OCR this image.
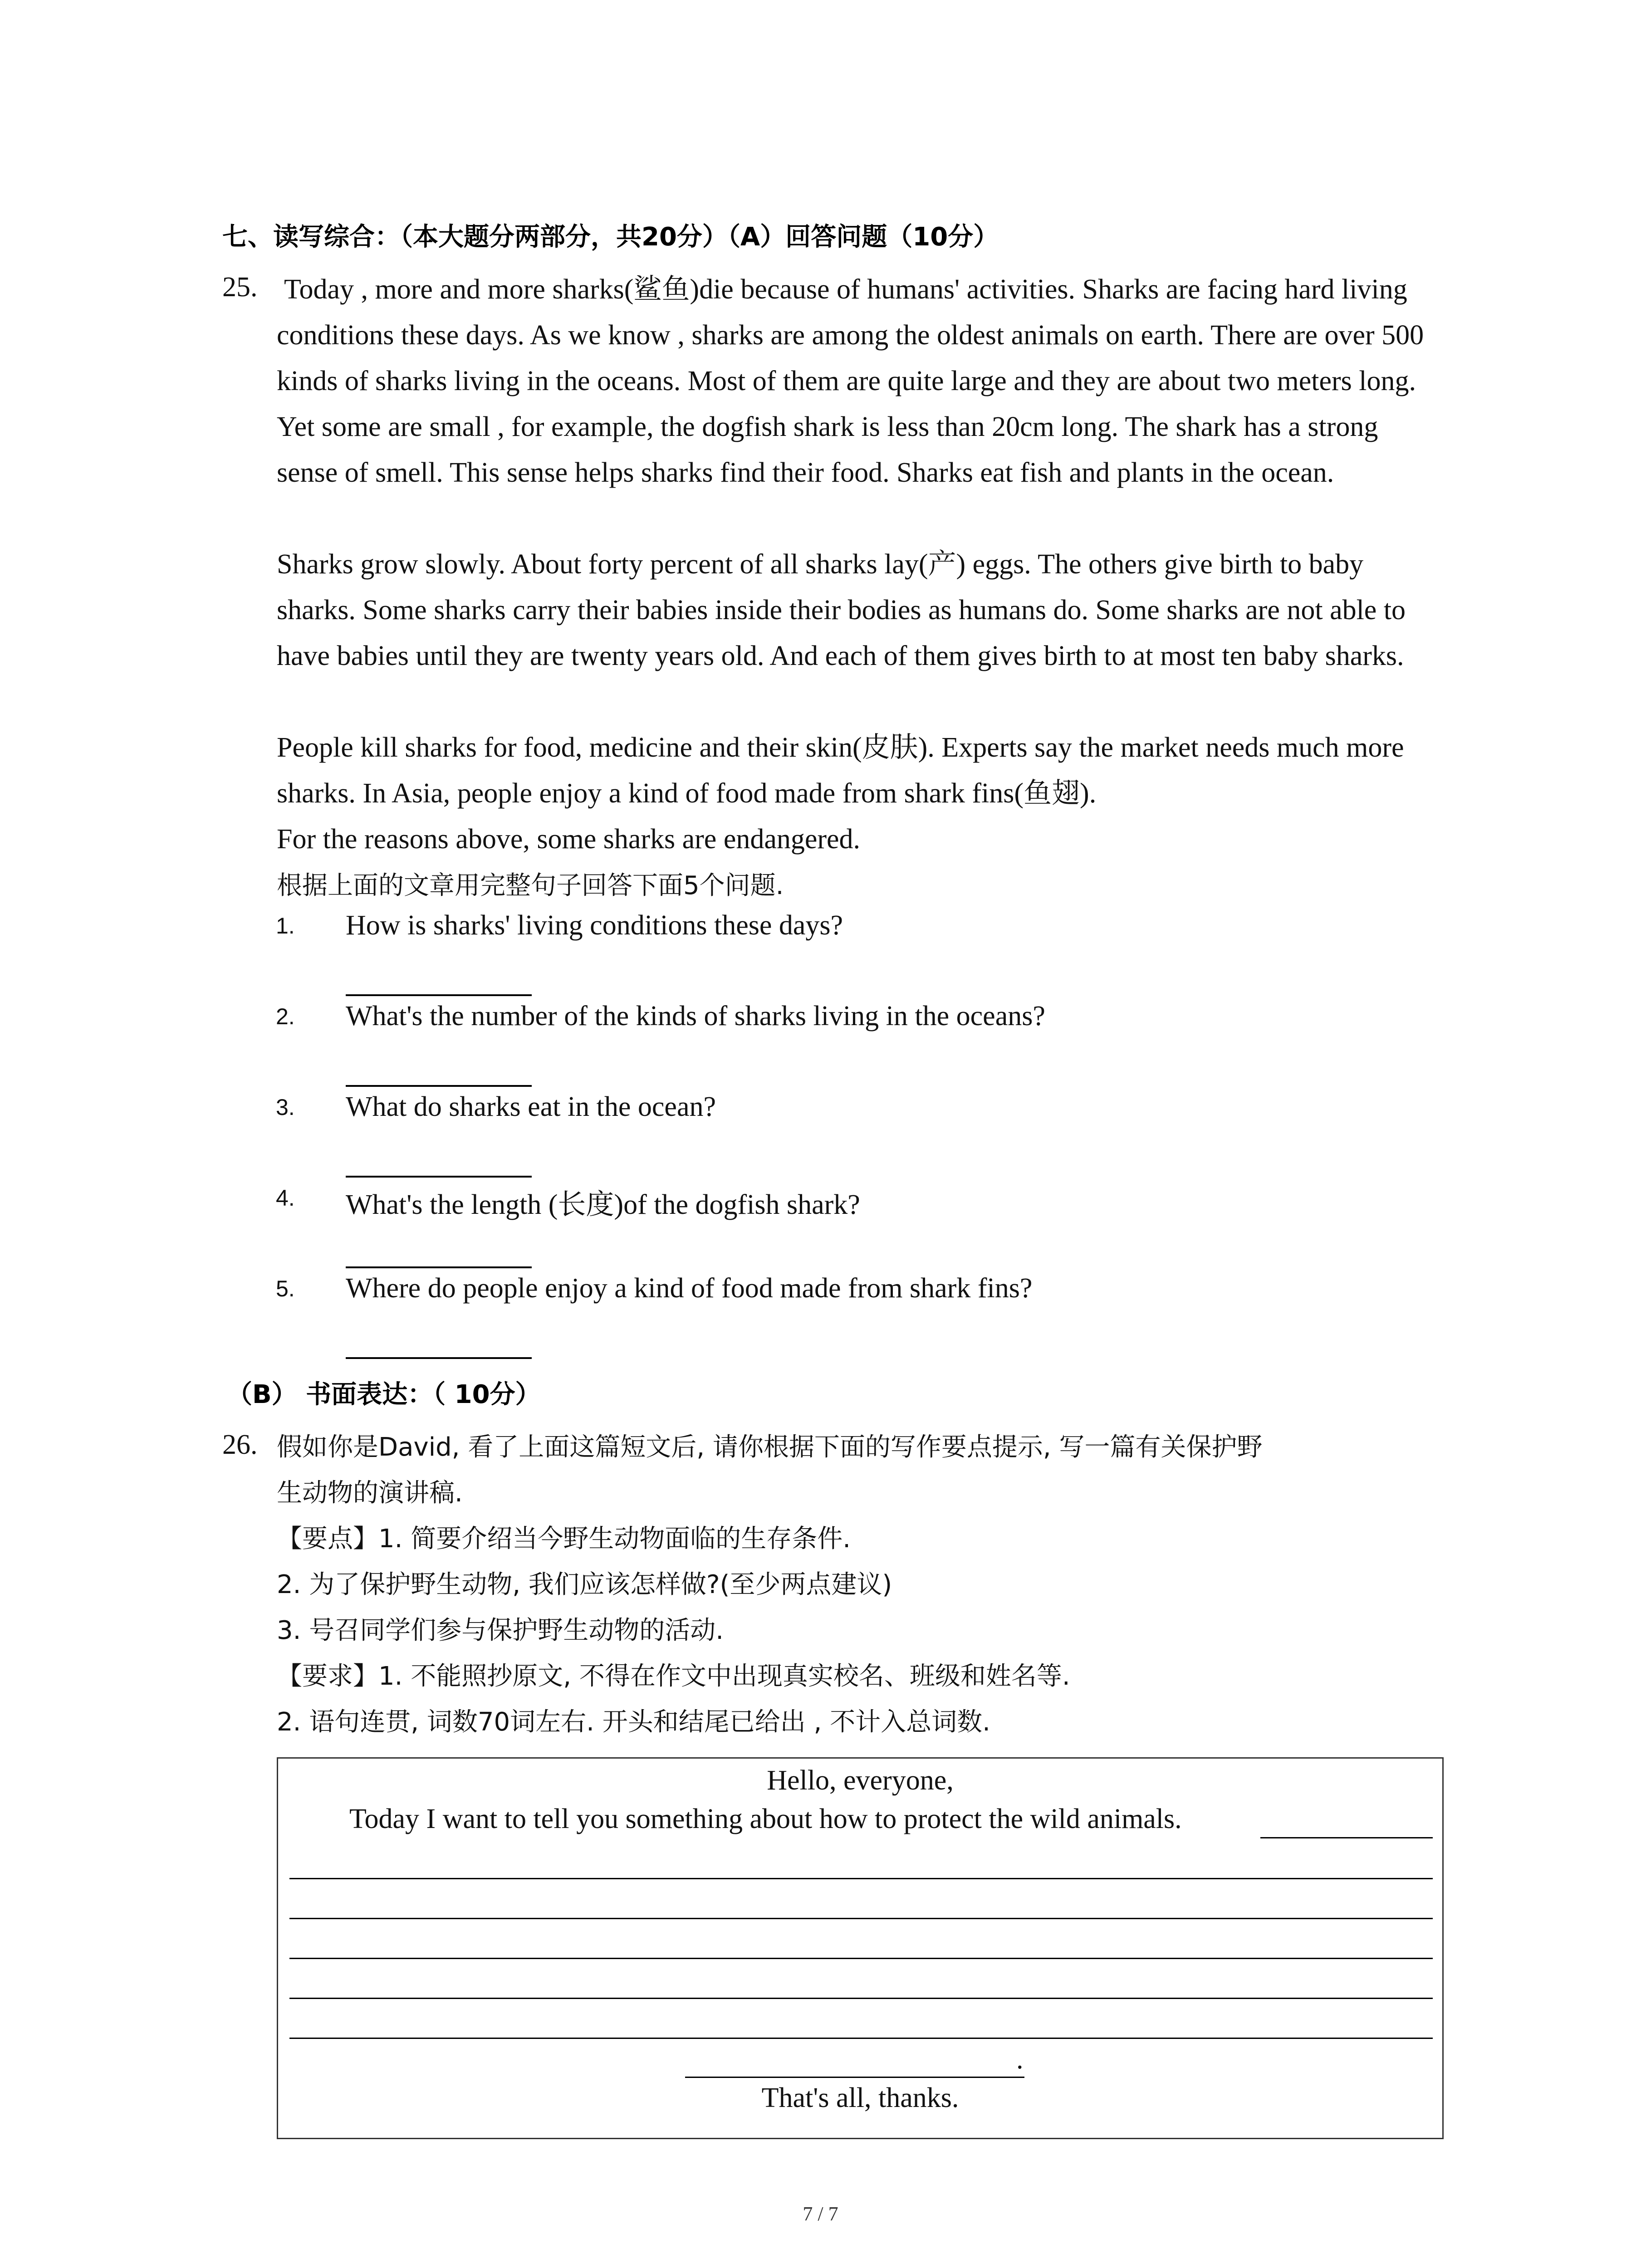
七、读写综合：（本大题分两部分，共20分）（A）回答问题（10分）
25. Today , more and more sharks(鲨鱼)die because of humans' activities. Sharks are facing hard living conditions these days. As we know , sharks are among the oldest animals on earth. There are over 500 kinds of sharks living in the oceans. Most of them are quite large and they are about two meters long. Yet some are small , for example, the dogfish shark is less than 20cm long. The shark has a strong sense of smell. This sense helps sharks find their food. Sharks eat fish and plants in the ocean.

Sharks grow slowly. About forty percent of all sharks lay(产) eggs. The others give birth to baby sharks. Some sharks carry their babies inside their bodies as humans do. Some sharks are not able to have babies until they are twenty years old. And each of them gives birth to at most ten baby sharks.

People kill sharks for food, medicine and their skin(皮肤). Experts say the market needs much more sharks. In Asia, people enjoy a kind of food made from shark fins(鱼翅).

For the reasons above, some sharks are endangered.

根据上面的文章用完整句子回答下面5个问题.
1. How is sharks' living conditions these days?
2. What's the number of the kinds of sharks living in the oceans?
3. What do sharks eat in the ocean?
4. What's the length (长度)of the dogfish shark?
5. Where do people enjoy a kind of food made from shark fins?
（B） 书面表达：（ 10分）
26. 假如你是David, 看了上面这篇短文后, 请你根据下面的写作要点提示, 写一篇有关保护野
生动物的演讲稿.
【要点】1. 简要介绍当今野生动物面临的生存条件.
2. 为了保护野生动物, 我们应该怎样做?(至少两点建议)
3. 号召同学们参与保护野生动物的活动.
【要求】1. 不能照抄原文, 不得在作文中出现真实校名、班级和姓名等.
2. 语句连贯, 词数70词左右. 开头和结尾已给出 , 不计入总词数.
Hello, everyone,
Today I want to tell you something about how to protect the wild animals.
.
That's all, thanks.
7 / 7
